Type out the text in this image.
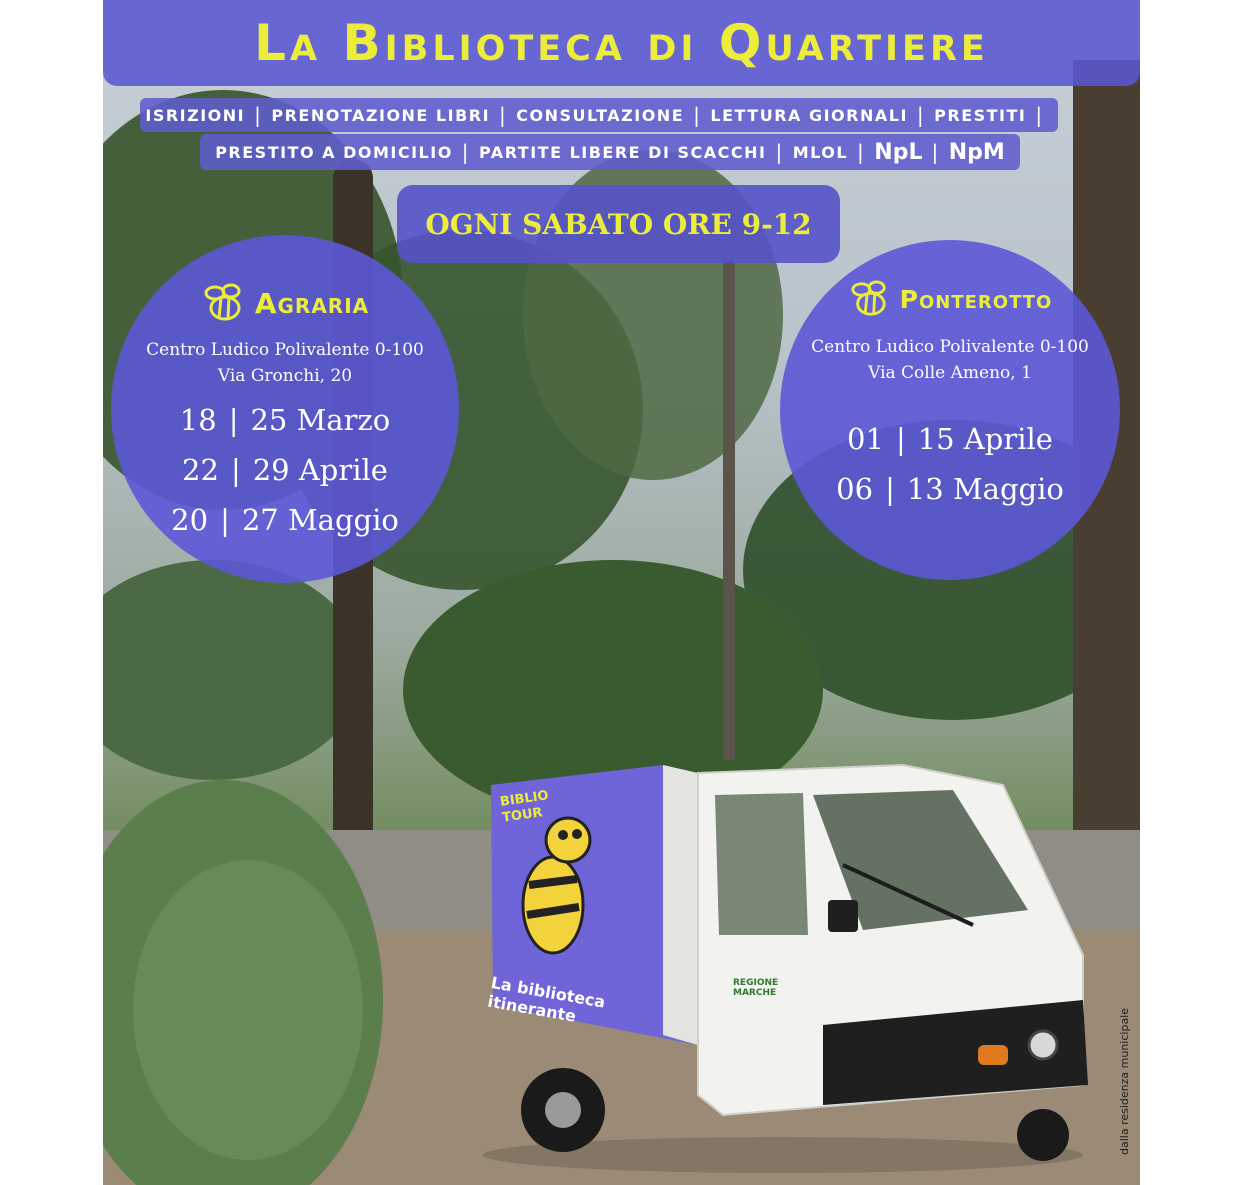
La Biblioteca di Quartiere
ISRIZIONI | PRENOTAZIONE LIBRI | CONSULTAZIONE | LETTURA GIORNALI | PRESTITI |
PRESTITO A DOMICILIO | PARTITE LIBERE DI SCACCHI | MLOL | NpL | NpM
OGNI SABATO ORE 9-12
Agraria
Centro Ludico Polivalente 0-100
Via Gronchi, 20
18 | 25 Marzo
22 | 29 Aprile
20 | 27 Maggio
Ponterotto
Centro Ludico Polivalente 0-100
Via Colle Ameno, 1
01 | 15 Aprile
06 | 13 Maggio
BIBLIO TOUR
La biblioteca itinerante
REGIONE MARCHE
dalla residenza municipale
